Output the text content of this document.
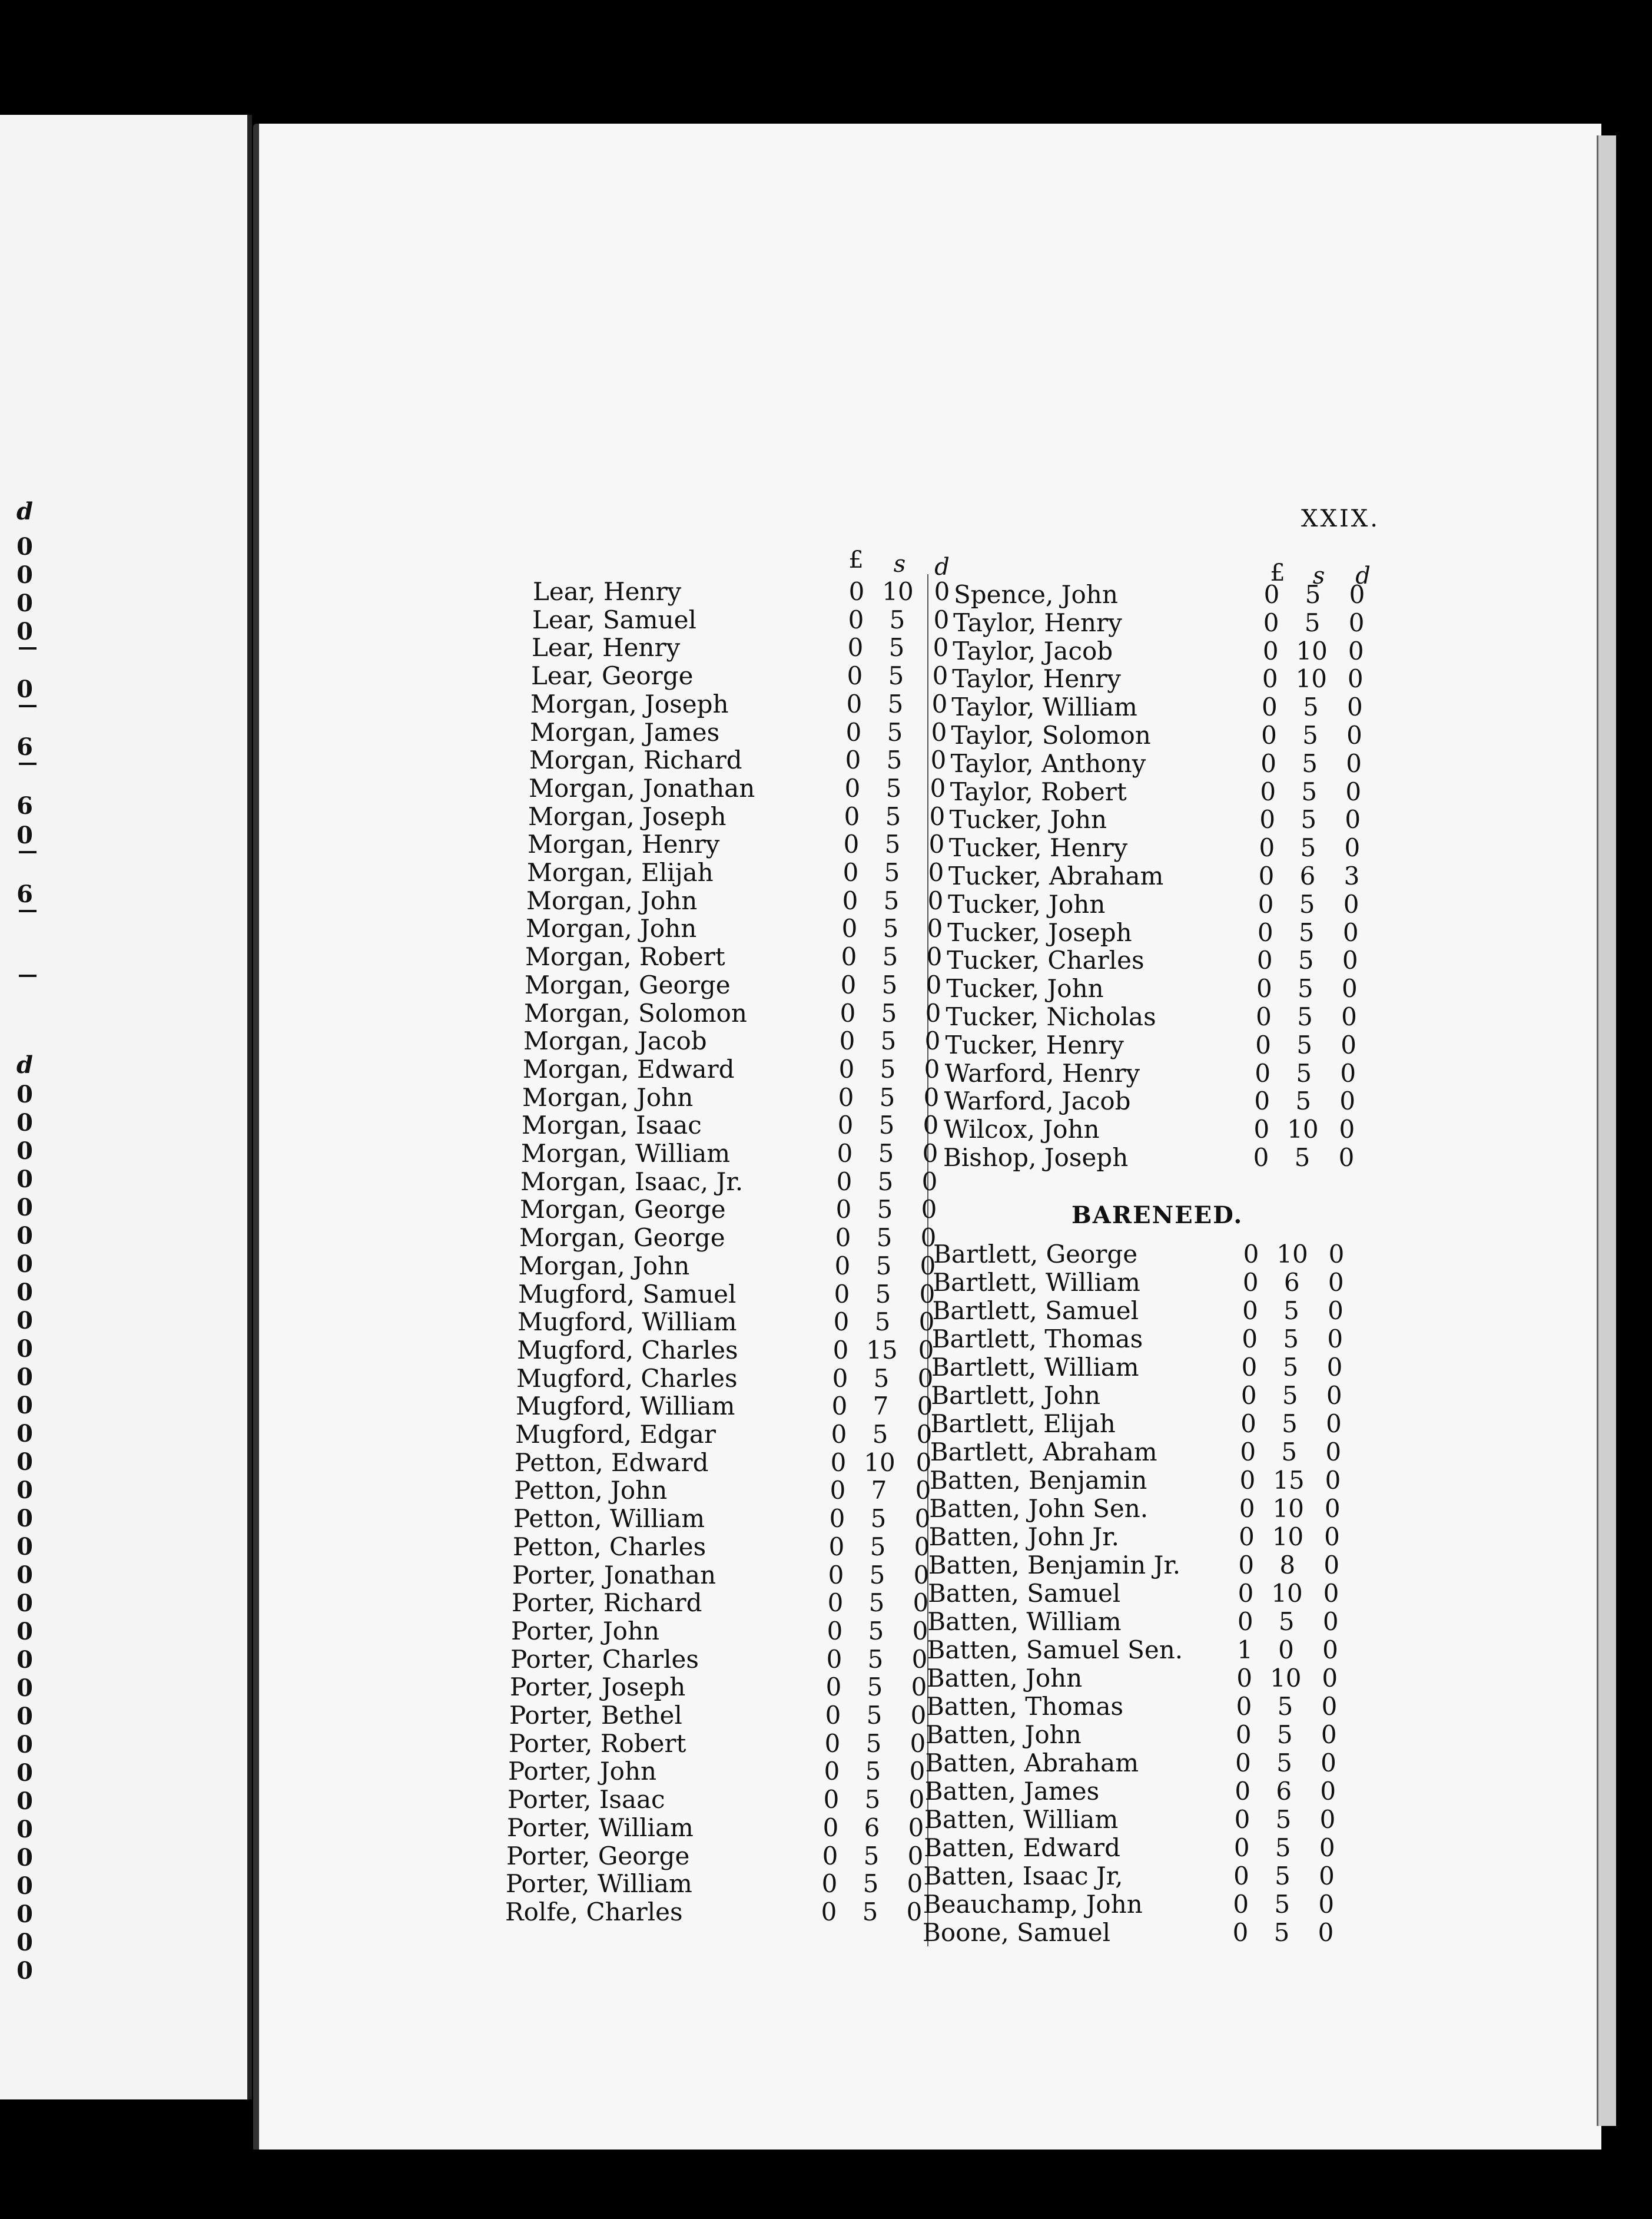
d
0
0
0
0
0
6
6
0
6
d
0
0
0
0
0
0
0
0
0
0
0
0
0
0
0
0
0
0
0
0
0
0
0
0
0
0
0
0
0
0
0
0
XXIX.
£ s d	£ s d
BARENEED.
Lear, Henry	0 10 0
Lear, Samuel	0	5	0
Lear, Henry	0	5	0
Lear, George	0	5	0
Morgan, Joseph	0	5	0
Morgan, James	0	5	0
Morgan, Richard	0	5	0
Morgan, Jonathan	0	5	0
Morgan, Joseph	0	5	0
Morgan, Henry	0	5	0
Morgan, Elijah	0	5	0
Morgan, John	0	5	0
Morgan, John	0	5	0
Morgan, Robert	0	5	0
Morgan, George	0	5	0
Morgan, Solomon	0	5	0
Morgan, Jacob	0	5	0
Morgan, Edward	0	5	0
Morgan, John	0	5	0
Morgan, Isaac	0	5	0
Morgan, William	0	5	0
Morgan, Isaac, Jr.	0	5	0
Morgan, George	0	5	0
Morgan, George	0	5	0
Morgan, John	0	5	0
Mugford, Samuel	0	5	0
Mugford, William	0	5	0
Mugford, Charles	0 15 0
Mugford, Charles	0	5	0
Mugford, William	0	7	0
Mugford, Edgar	0	5	0
Petton, Edward	0 10 0
Petton, John	0	7	0
Petton, William	0	5	0
Petton, Charles	0	5	0
Porter, Jonathan	0	5	0
Porter, Richard	0	5	0
Porter, John	0	5	0
Porter, Charles	0	5	0
Porter, Joseph	0	5	0
Porter, Bethel	0	5	0
Porter, Robert	0	5	0
Porter, John	0	5	0
Porter, Isaac	0	5	0
Porter, William	0	6	0
Porter, George	0	5	0
Porter, William	0	5	0
Rolfe, Charles	0	5	0
Spence, John	0	5	0
Taylor, Henry	0	5	0
Taylor, Jacob	0 10 0
Taylor, Henry	0 10 0
Taylor, William	0	5	0
Taylor, Solomon	0	5	0
Taylor, Anthony	0	5	0
Taylor, Robert	0	5	0
Tucker, John	0	5	0
Tucker, Henry	0	5	0
Tucker, Abraham	0	6	3
Tucker, John	0	5	0
Tucker, Joseph	0	5	0
Tucker, Charles	0	5	0
Tucker, John	0	5	0
Tucker, Nicholas	0	5	0
Tucker, Henry	0	5	0
Warford, Henry	0	5	0
Warford, Jacob	0	5	0
Wilcox, John	0 10 0
Bishop, Joseph	0	5	0
Bartlett, George	0 10 0
Bartlett, William	0	6	0
Bartlett, Samuel	0	5	0
Bartlett, Thomas	0	5	0
Bartlett, William	0	5	0
Bartlett, John	0	5	0
Bartlett, Elijah	0	5	0
Bartlett, Abraham	0	5	0
Batten, Benjamin	0 15 0
Batten, John Sen.	0 10 0
Batten, John Jr.	0 10 0
Batten, Benjamin Jr.	0	8	0
Batten, Samuel	0 10 0
Batten, William	0	5	0
Batten, Samuel Sen.	1	0	0
Batten, John	0 10 0
Batten, Thomas	0	5	0
Batten, John	0	5	0
Batten, Abraham	0	5	0
Batten, James	0	6	0
Batten, William	0	5	0
Batten, Edward	0	5	0
Batten, Isaac Jr,	0	5	0
Beauchamp, John	0	5	0
Boone, Samuel	0	5	0
